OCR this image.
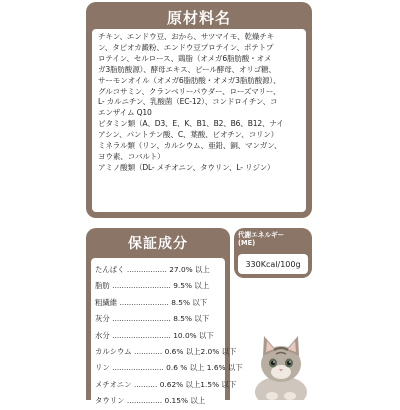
原材料名
チキン、エンドウ豆、おから、サツマイモ、乾燥チキ
ン、タピオカ澱粉、エンドウ豆プロテイン、ポテトプ
ロテイン、セルロース、鶏脂（オメガ6脂肪酸・オメ
ガ3脂肪酸源）、酵母エキス、ビール酵母、オリゴ糖、
サーモンオイル（オメガ6脂肪酸・オメガ3脂肪酸源）、
グルコサミン、クランベリーパウダー、ローズマリー、
L- カルニチン、乳酸菌（EC-12）、コンドロイチン、コ
エンザイム Q10
ビタミン類（A、D3、E、K、B1、B2、B6、B12、ナイ
アシン、パントテン酸、C、葉酸、ビオチン、コリン）
ミネラル類（リン、カルシウム、亜鉛、銅、マンガン、
ヨウ素、コバルト）
アミノ酸類（DL- メチオニン、タウリン、L- リジン）
保証成分
たんぱく ................. 27.0% 以上
脂肪 ......................... 9.5% 以上
粗繊維 ..................... 8.5% 以下
灰分 ......................... 8.5% 以下
水分 ......................... 10.0% 以下
カルシウム ............ 0.6% 以上2.0% 以下
リン ...................... 0.6 % 以上 1.6% 以下
メチオニン .......... 0.62% 以上1.5% 以下
タウリン ............... 0.15% 以上
代謝エネルギー
(ME)
330Kcal/100g
